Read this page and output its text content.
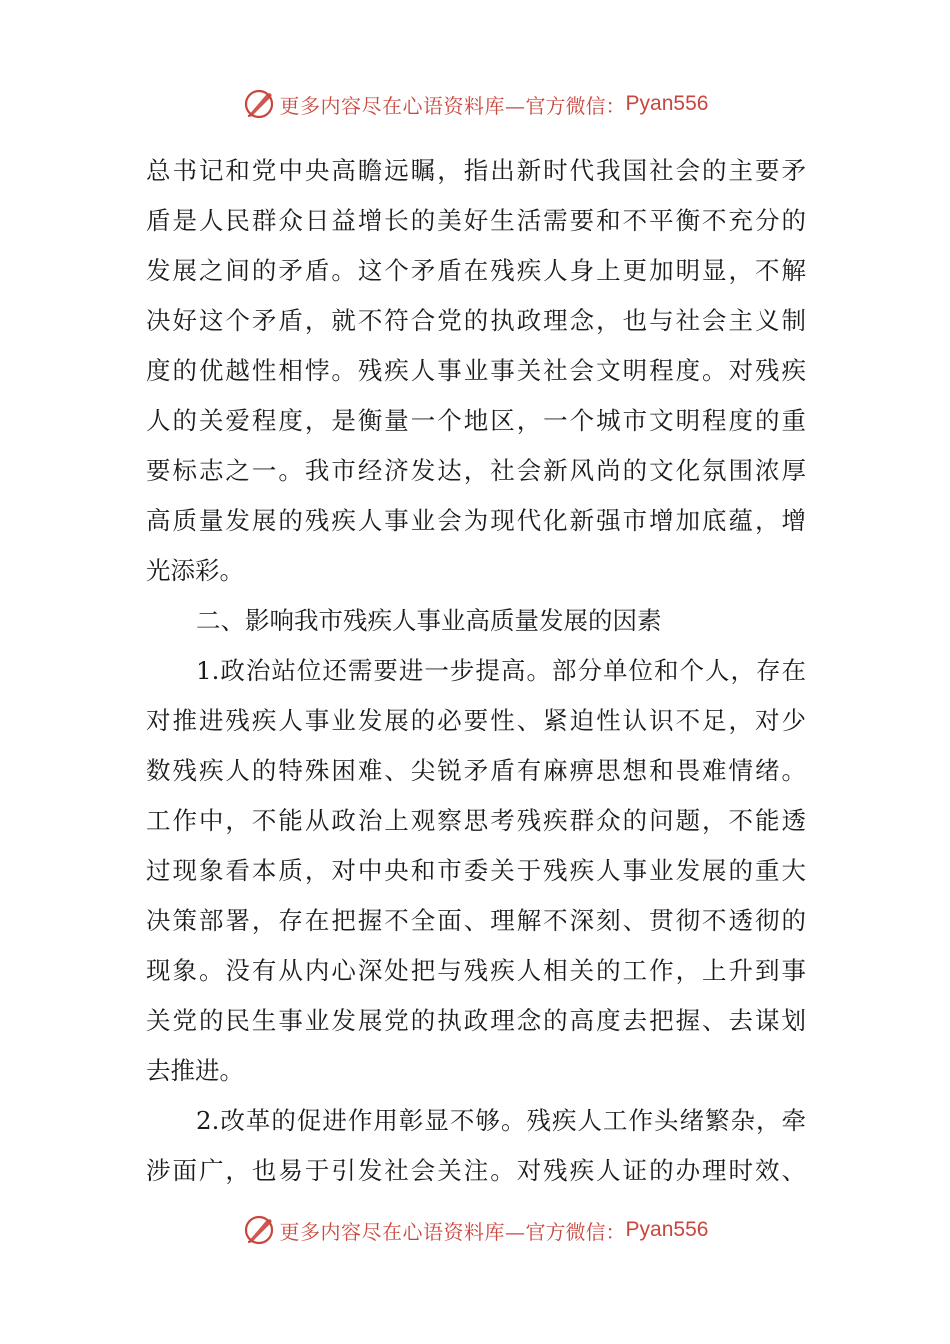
更多内容尽在心语资料库— 官方微信： Pyan556
总书记和党中央高瞻远瞩，指出新时代我国社会的主要矛
盾是人民群众日益增长的美好生活需要和不平衡不充分的
发展之间的矛盾。这个矛盾在残疾人身上更加明显，不解
决好这个矛盾，就不符合党的执政理念，也与社会主义制
度的优越性相悖。残疾人事业事关社会文明程度。对残疾
人的关爱程度，是衡量一个地区，一个城市文明程度的重
要标志之一。我市经济发达，社会新风尚的文化氛围浓厚
高质量发展的残疾人事业会为现代化新强市增加底蕴，增
光添彩。
二、影响我市残疾人事业高质量发展的因素
1.政治站位还需要进一步提高。部分单位和个人，存在
对推进残疾人事业发展的必要性、紧迫性认识不足，对少
数残疾人的特殊困难、尖锐矛盾有麻痹思想和畏难情绪。
工作中，不能从政治上观察思考残疾群众的问题，不能透
过现象看本质，对中央和市委关于残疾人事业发展的重大
决策部署，存在把握不全面、理解不深刻、贯彻不透彻的
现象。没有从内心深处把与残疾人相关的工作，上升到事
关党的民生事业发展党的执政理念的高度去把握、去谋划
去推进。
2.改革的促进作用彰显不够。残疾人工作头绪繁杂，牵
涉面广，也易于引发社会关注。对残疾人证的办理时效、
更多内容尽在心语资料库— 官方微信： Pyan556
